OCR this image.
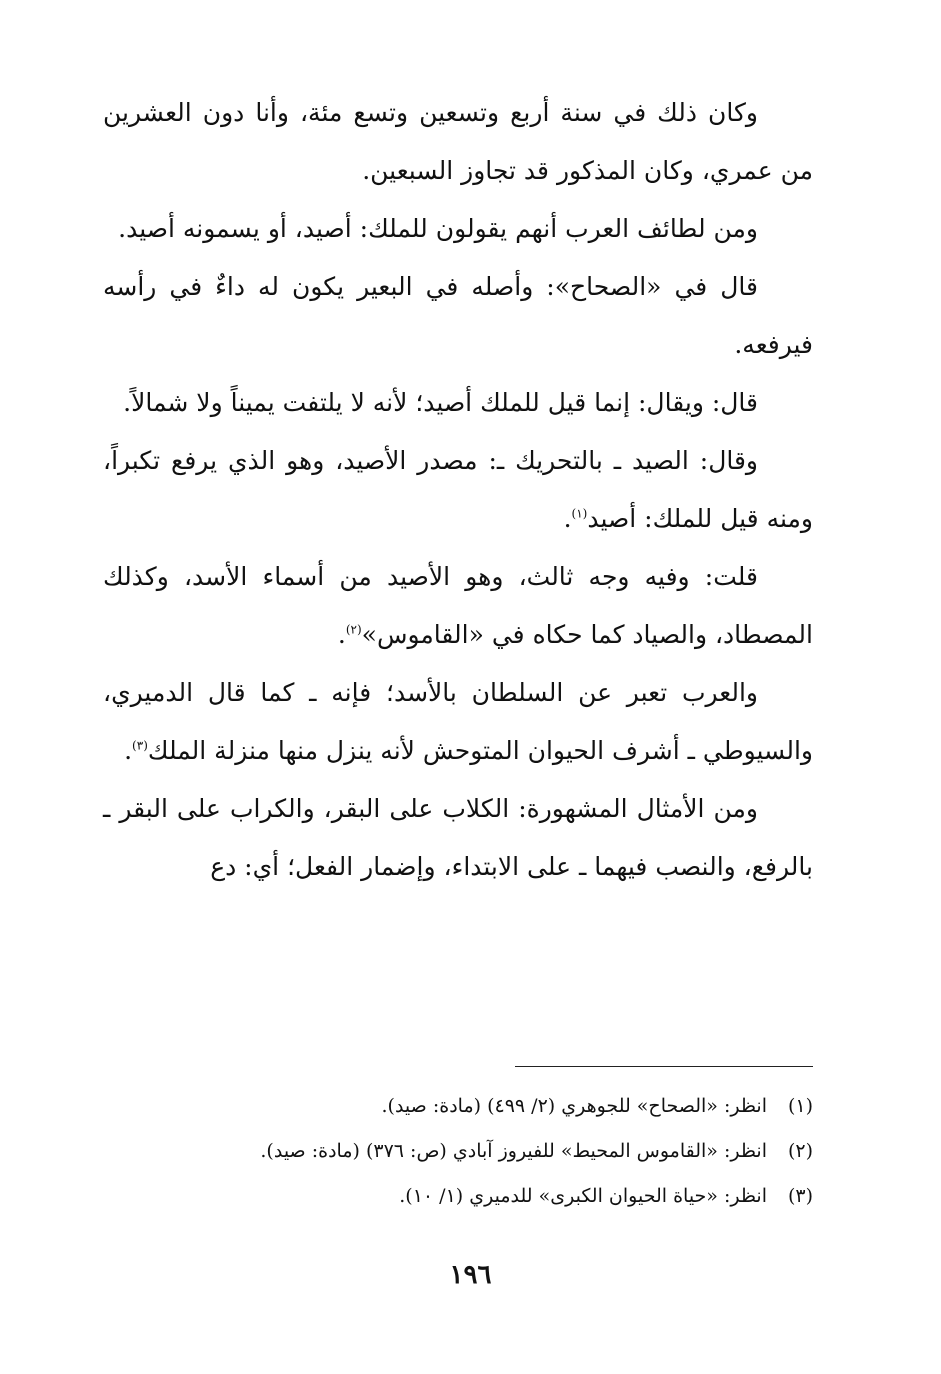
وكان ذلك في سنة أربع وتسعين وتسع مئة، وأنا دون العشرين من عمري، وكان المذكور قد تجاوز السبعين.

ومن لطائف العرب أنهم يقولون للملك: أصيد، أو يسمونه أصيد.

قال في «الصحاح»: وأصله في البعير يكون له داءٌ في رأسه فيرفعه.

قال: ويقال: إنما قيل للملك أصيد؛ لأنه لا يلتفت يميناً ولا شمالاً.

وقال: الصيد ـ بالتحريك ـ: مصدر الأصيد، وهو الذي يرفع تكبراً، ومنه قيل للملك: أصيد$^{(١)}$.

قلت: وفيه وجه ثالث، وهو الأصيد من أسماء الأسد، وكذلك المصطاد، والصياد كما حكاه في «القاموس»$^{(٢)}$.

والعرب تعبر عن السلطان بالأسد؛ فإنه ـ كما قال الدميري، والسيوطي ـ أشرف الحيوان المتوحش لأنه ينزل منها منزلة الملك$^{(٣)}$.

ومن الأمثال المشهورة: الكلاب على البقر، والكراب على البقر ـ بالرفع، والنصب فيهما ـ على الابتداء، وإضمار الفعل؛ أي: دع

(١)انظر: «الصحاح» للجوهري (٢/ ٤٩٩) (مادة: صيد).

(٢)انظر: «القاموس المحيط» للفيروز آبادي (ص: ٣٧٦) (مادة: صيد).

(٣)انظر: «حياة الحيوان الكبرى» للدميري (١/ ١٠).

١٩٦
